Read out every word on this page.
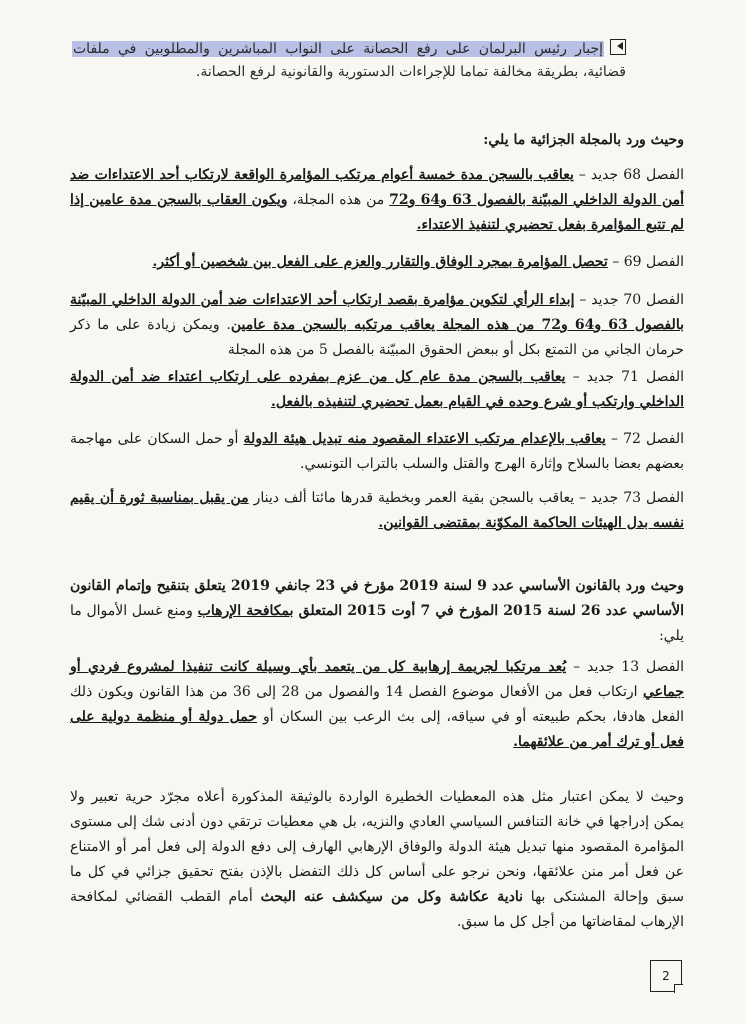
إجبار رئيس البرلمان على رفع الحصانة على النواب المباشرين والمطلوبين في ملفات قضائية، بطريقة مخالفة تماما للإجراءات الدستورية والقانونية لرفع الحصانة.

وحيث ورد بالمجلة الجزائية ما يلي:

الفصل 68 جديد – يعاقب بالسجن مدة خمسة أعوام مرتكب المؤامرة الواقعة لارتكاب أحد الاعتداءات ضد أمن الدولة الداخلي المبيّنة بالفصول 63 و64 و72 من هذه المجلة، ويكون العقاب بالسجن مدة عامين إذا لم تتبع المؤامرة بفعل تحضيري لتنفيذ الاعتداء.

الفصل 69 – تحصل المؤامرة بمجرد الوفاق والتقارر والعزم على الفعل بين شخصين أو أكثر.

الفصل 70 جديد – إبداء الرأي لتكوين مؤامرة بقصد ارتكاب أحد الاعتداءات ضد أمن الدولة الداخلي المبيّنة بالفصول 63 و64 و72 من هذه المجلة يعاقب مرتكبه بالسجن مدة عامين. ويمكن زيادة على ما ذكر حرمان الجاني من التمتع بكل أو ببعض الحقوق المبيّنة بالفصل 5 من هذه المجلة

الفصل 71 جديد – يعاقب بالسجن مدة عام كل من عزم بمفرده على ارتكاب اعتداء ضد أمن الدولة الداخلي وارتكب أو شرع وحده في القيام بعمل تحضيري لتنفيذه بالفعل.

الفصل 72 – يعاقب بالإعدام مرتكب الاعتداء المقصود منه تبديل هيئة الدولة أو حمل السكان على مهاجمة بعضهم بعضا بالسلاح وإثارة الهرج والقتل والسلب بالتراب التونسي.

الفصل 73 جديد – يعاقب بالسجن بقية العمر وبخطية قدرها مائتا ألف دينار من يقبل بمناسبة ثورة أن يقيم نفسه بدل الهيئات الحاكمة المكوّنة بمقتضى القوانين.

وحيث ورد بالقانون الأساسي عدد 9 لسنة 2019 مؤرخ في 23 جانفي 2019 يتعلق بتنقيح وإتمام القانون الأساسي عدد 26 لسنة 2015 المؤرخ في 7 أوت 2015 المتعلق بمكافحة الإرهاب ومنع غسل الأموال ما يلي:

الفصل 13 جديد – يُعد مرتكبا لجريمة إرهابية كل من يتعمد بأي وسيلة كانت تنفيذا لمشروع فردي أو جماعي ارتكاب فعل من الأفعال موضوع الفصل 14 والفصول من 28 إلى 36 من هذا القانون ويكون ذلك الفعل هادفا، بحكم طبيعته أو في سياقه، إلى بث الرعب بين السكان أو حمل دولة أو منظمة دولية على فعل أو ترك أمر من علائقهما.

وحيث لا يمكن اعتبار مثل هذه المعطيات الخطيرة الواردة بالوثيقة المذكورة أعلاه مجرّد حرية تعبير ولا يمكن إدراجها في خانة التنافس السياسي العادي والنزيه، بل هي معطيات ترتقي دون أدنى شك إلى مستوى المؤامرة المقصود منها تبديل هيئة الدولة والوفاق الإرهابي الهارف إلى دفع الدولة إلى فعل أمر أو الامتناع عن فعل أمر منن علائقها، ونحن نرجو على أساس كل ذلك التفضل بالإذن بفتح تحقيق جزائي في كل ما سبق وإحالة المشتكى بها نادية عكاشة وكل من سيكشف عنه البحث أمام القطب القضائي لمكافحة الإرهاب لمقاضاتها من أجل كل ما سبق.

2
